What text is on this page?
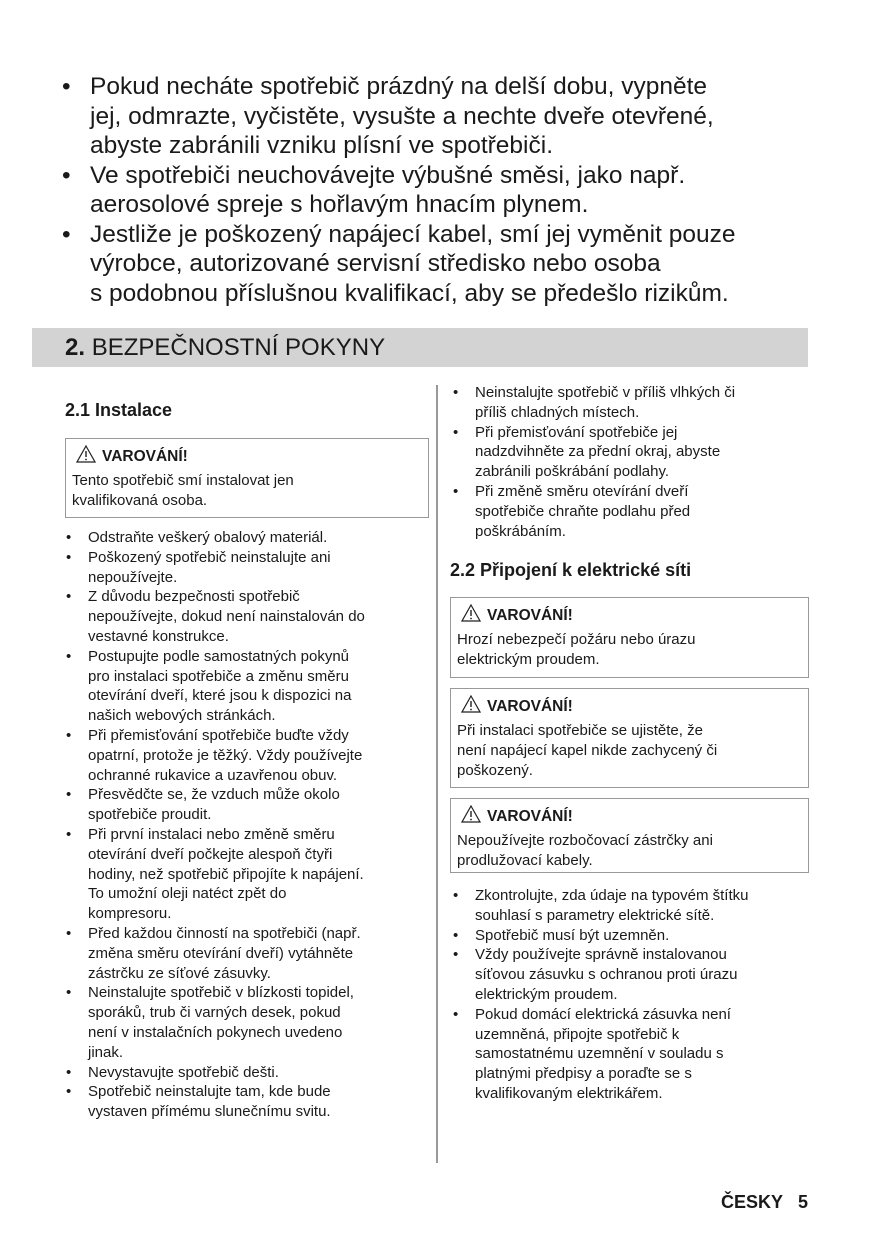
• Pokud necháte spotřebič prázdný na delší dobu, vypněte
jej, odmrazte, vyčistěte, vysušte a nechte dveře otevřené,
abyste zabránili vzniku plísní ve spotřebiči.
• Ve spotřebiči neuchovávejte výbušné směsi, jako např.
aerosolové spreje s hořlavým hnacím plynem.
• Jestliže je poškozený napájecí kabel, smí jej vyměnit pouze
výrobce, autorizované servisní středisko nebo osoba
s podobnou příslušnou kvalifikací, aby se předešlo rizikům.
2. BEZPEČNOSTNÍ POKYNY
2.1 Instalace
VAROVÁNÍ!
Tento spotřebič smí instalovat jen
kvalifikovaná osoba.
• Odstraňte veškerý obalový materiál.
• Poškozený spotřebič neinstalujte ani
nepoužívejte.
• Z důvodu bezpečnosti spotřebič
nepoužívejte, dokud není nainstalován do
vestavné konstrukce.
• Postupujte podle samostatných pokynů
pro instalaci spotřebiče a změnu směru
otevírání dveří, které jsou k dispozici na
našich webových stránkách.
• Při přemisťování spotřebiče buďte vždy
opatrní, protože je těžký. Vždy používejte
ochranné rukavice a uzavřenou obuv.
• Přesvědčte se, že vzduch může okolo
spotřebiče proudit.
• Při první instalaci nebo změně směru
otevírání dveří počkejte alespoň čtyři
hodiny, než spotřebič připojíte k napájení.
To umožní oleji natéct zpět do
kompresoru.
• Před každou činností na spotřebiči (např.
změna směru otevírání dveří) vytáhněte
zástrčku ze síťové zásuvky.
• Neinstalujte spotřebič v blízkosti topidel,
sporáků, trub či varných desek, pokud
není v instalačních pokynech uvedeno
jinak.
• Nevystavujte spotřebič dešti.
• Spotřebič neinstalujte tam, kde bude
vystaven přímému slunečnímu svitu.
• Neinstalujte spotřebič v příliš vlhkých či
příliš chladných místech.
• Při přemisťování spotřebiče jej
nadzdvihněte za přední okraj, abyste
zabránili poškrábání podlahy.
• Při změně směru otevírání dveří
spotřebiče chraňte podlahu před
poškrábáním.
2.2 Připojení k elektrické síti
VAROVÁNÍ!
Hrozí nebezpečí požáru nebo úrazu
elektrickým proudem.
VAROVÁNÍ!
Při instalaci spotřebiče se ujistěte, že
není napájecí kapel nikde zachycený či
poškozený.
VAROVÁNÍ!
Nepoužívejte rozbočovací zástrčky ani
prodlužovací kabely.
• Zkontrolujte, zda údaje na typovém štítku
souhlasí s parametry elektrické sítě.
• Spotřebič musí být uzemněn.
• Vždy používejte správně instalovanou
síťovou zásuvku s ochranou proti úrazu
elektrickým proudem.
• Pokud domácí elektrická zásuvka není
uzemněná, připojte spotřebič k
samostatnému uzemnění v souladu s
platnými předpisy a poraďte se s
kvalifikovaným elektrikářem.
ČESKY 5
